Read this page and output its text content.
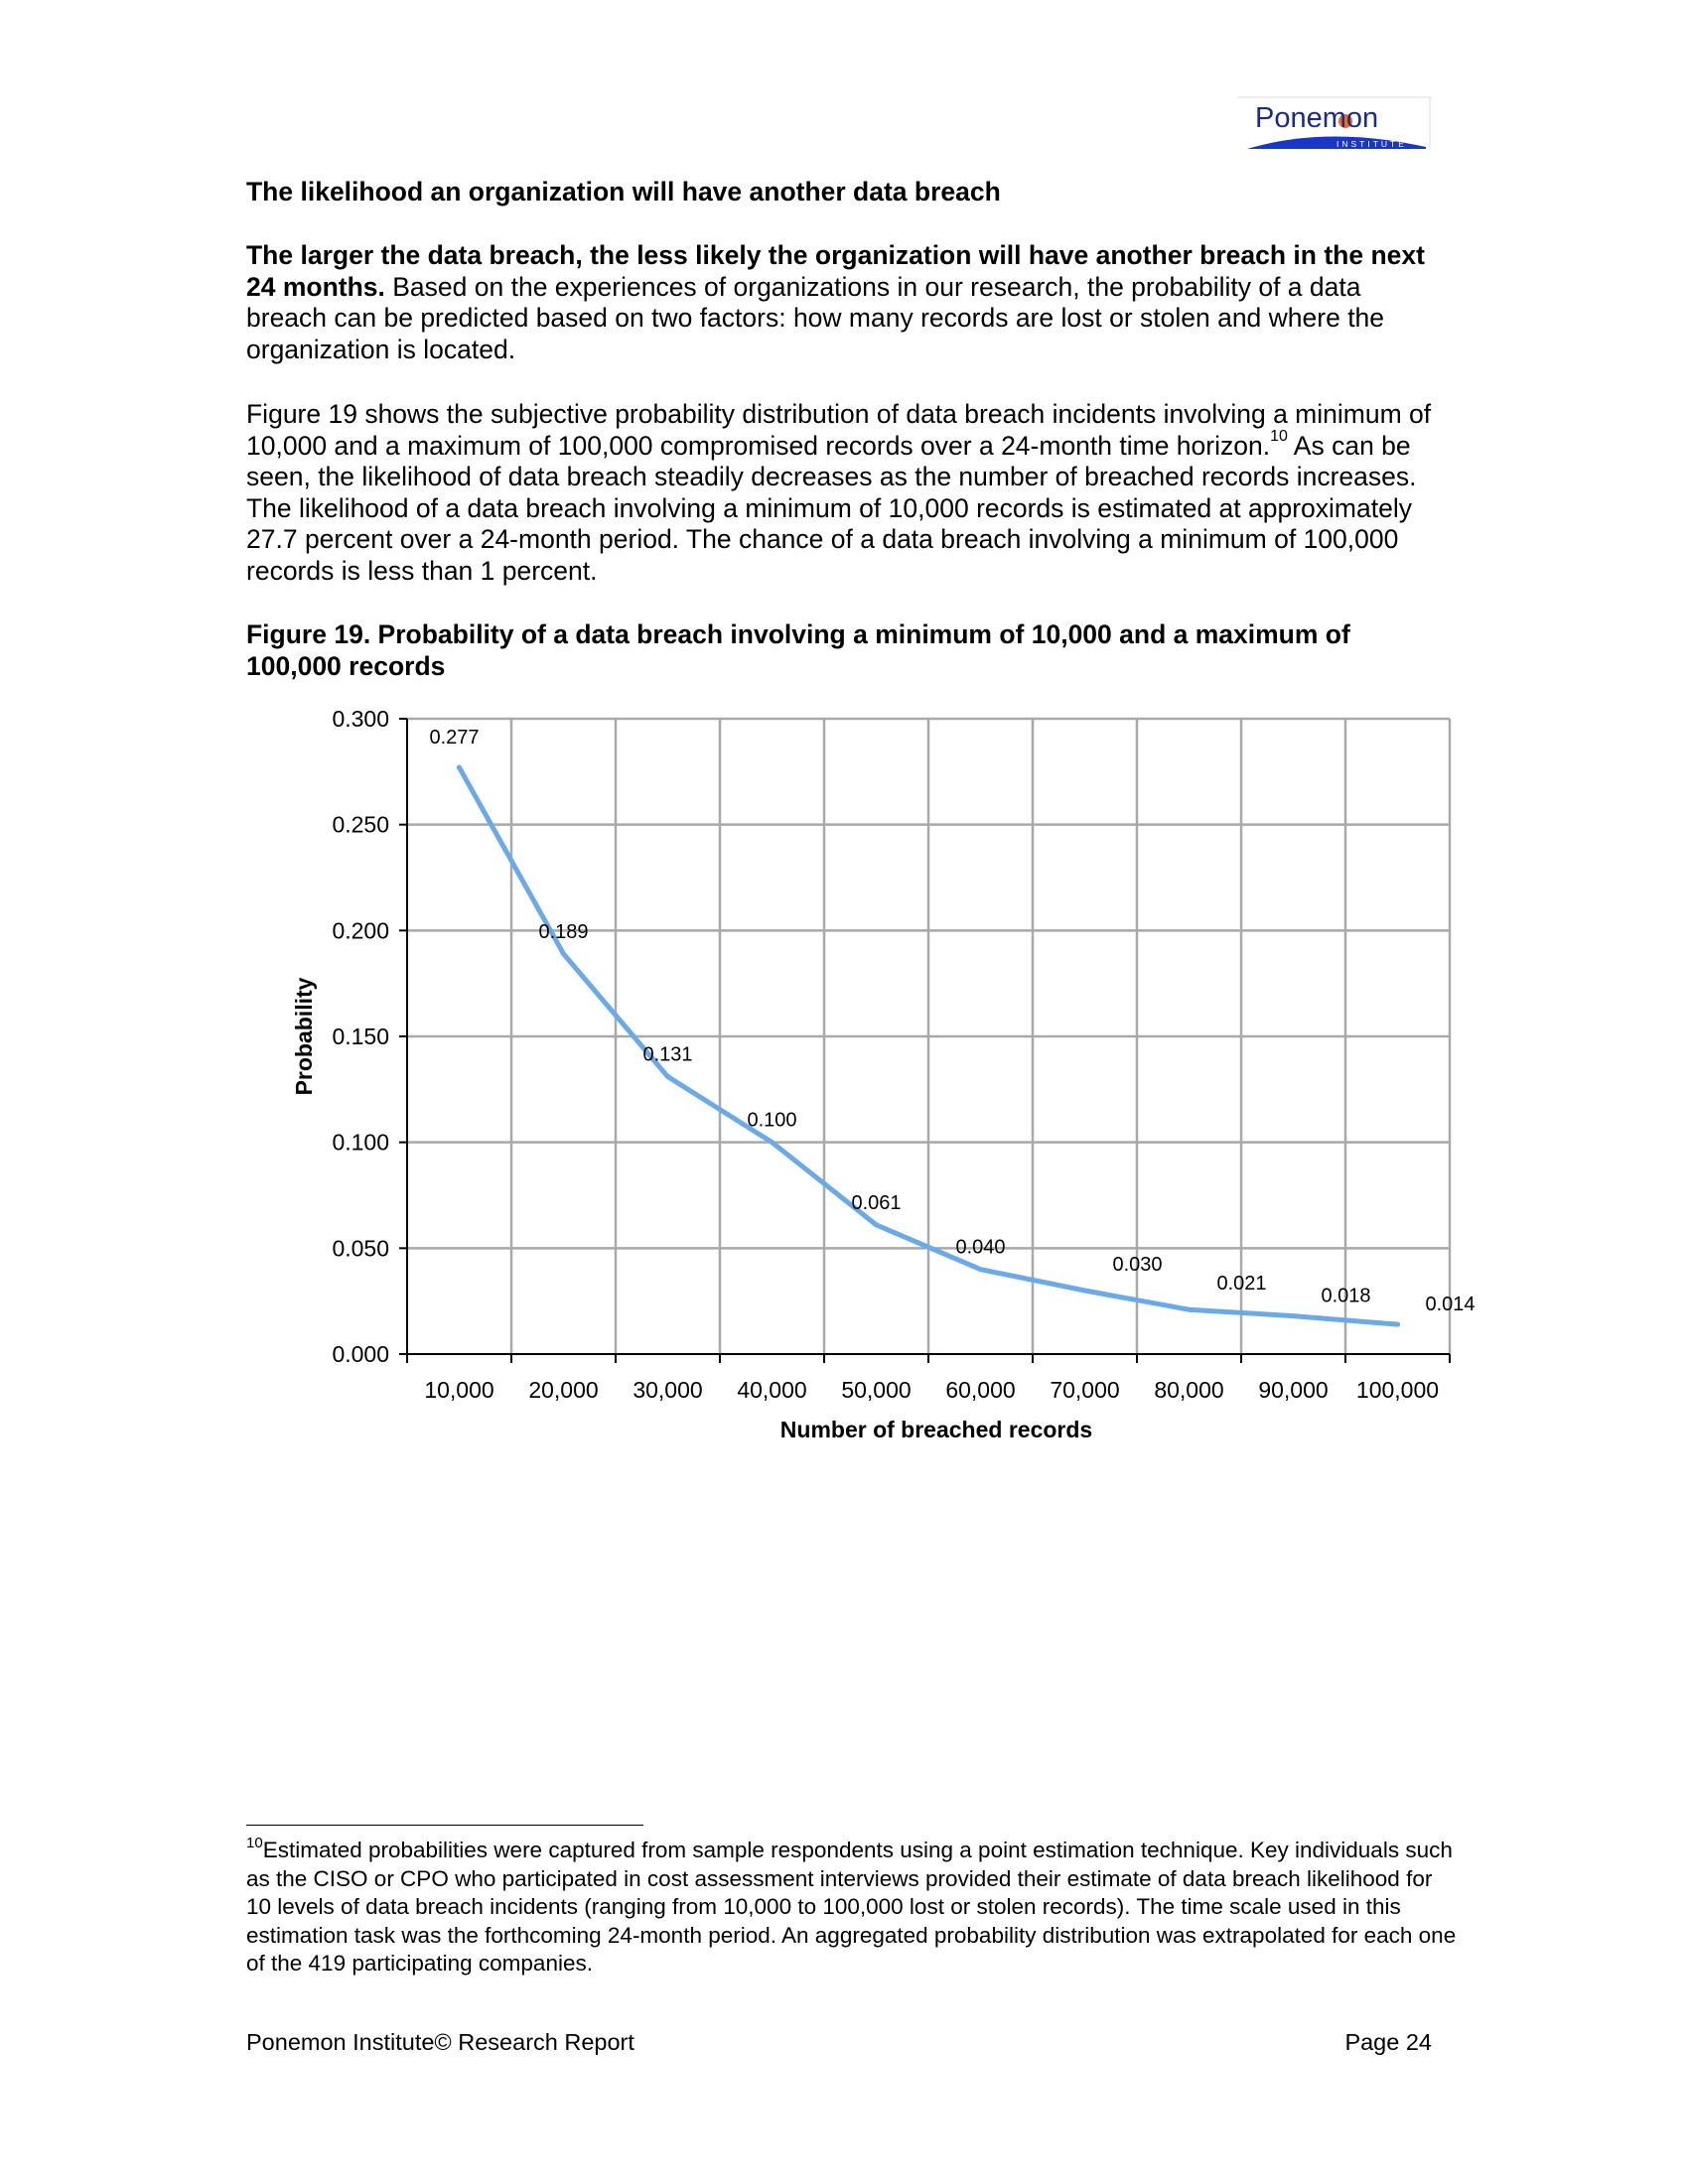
Ponemon
INSTITUTE
The likelihood an organization will have another data breach
The larger the data breach, the less likely the organization will have another breach in the next 24 months. Based on the experiences of organizations in our research, the probability of a data breach can be predicted based on two factors: how many records are lost or stolen and where the organization is located.
Figure 19 shows the subjective probability distribution of data breach incidents involving a minimum of 10,000 and a maximum of 100,000 compromised records over a 24-month time horizon.$^{10}$ As can be seen, the likelihood of data breach steadily decreases as the number of breached records increases. The likelihood of a data breach involving a minimum of 10,000 records is estimated at approximately 27.7 percent over a 24-month period. The chance of a data breach involving a minimum of 100,000 records is less than 1 percent.
Figure 19. Probability of a data breach involving a minimum of 10,000 and a maximum of 100,000 records
0.000
0.050
0.100
0.150
0.200
0.250
0.300
10,000 20,000 30,000 40,000 50,000 60,000 70,000 80,000 90,000 100,000
0.277
0.189
0.131
0.100
0.061
0.040
0.030
0.021
0.018	0.014
Number of breached records
Probability
$^{10}$Estimated probabilities were captured from sample respondents using a point estimation technique. Key individuals such as the CISO or CPO who participated in cost assessment interviews provided their estimate of data breach likelihood for 10 levels of data breach incidents (ranging from 10,000 to 100,000 lost or stolen records). The time scale used in this estimation task was the forthcoming 24-month period. An aggregated probability distribution was extrapolated for each one of the 419 participating companies.
Ponemon Institute© Research Report	Page 24
